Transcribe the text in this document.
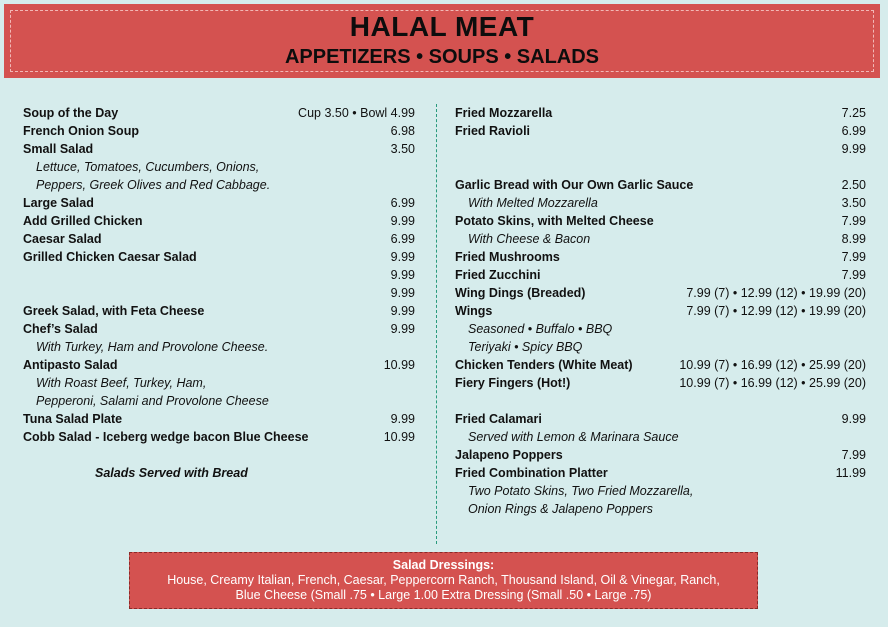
HALAL MEAT
APPETIZERS • SOUPS • SALADS
Soup of the Day	Cup 3.50 • Bowl 4.99
French Onion Soup	6.98
Small Salad	3.50
Lettuce, Tomatoes, Cucumbers, Onions,
Peppers, Greek Olives and Red Cabbage.
Large Salad	6.99
Add Grilled Chicken	9.99
Caesar Salad	6.99
Grilled Chicken Caesar Salad	9.99
9.99
9.99
Greek Salad, with Feta Cheese	9.99
Chef’s Salad	9.99
With Turkey, Ham and Provolone Cheese.
Antipasto Salad	10.99
With Roast Beef, Turkey, Ham,
Pepperoni, Salami and Provolone Cheese
Tuna Salad Plate	9.99
Cobb Salad - Iceberg wedge bacon Blue Cheese	10.99
Salads Served with Bread
Fried Mozzarella	7.25
Fried Ravioli	6.99
9.99
Garlic Bread with Our Own Garlic Sauce	2.50
With Melted Mozzarella	3.50
Potato Skins, with Melted Cheese	7.99
With Cheese & Bacon	8.99
Fried Mushrooms	7.99
Fried Zucchini	7.99
Wing Dings (Breaded)	7.99 (7) • 12.99 (12) • 19.99 (20)
Wings	7.99 (7) • 12.99 (12) • 19.99 (20)
Seasoned • Buffalo • BBQ
Teriyaki • Spicy BBQ
Chicken Tenders (White Meat)	10.99 (7) • 16.99 (12) • 25.99 (20)
Fiery Fingers (Hot!)	10.99 (7) • 16.99 (12) • 25.99 (20)
Fried Calamari	9.99
Served with Lemon & Marinara Sauce
Jalapeno Poppers	7.99
Fried Combination Platter	11.99
Two Potato Skins, Two Fried Mozzarella,
Onion Rings & Jalapeno Poppers
Salad Dressings:
House, Creamy Italian, French, Caesar, Peppercorn Ranch, Thousand Island, Oil & Vinegar, Ranch,
Blue Cheese (Small .75 • Large 1.00 Extra Dressing (Small .50 • Large .75)
